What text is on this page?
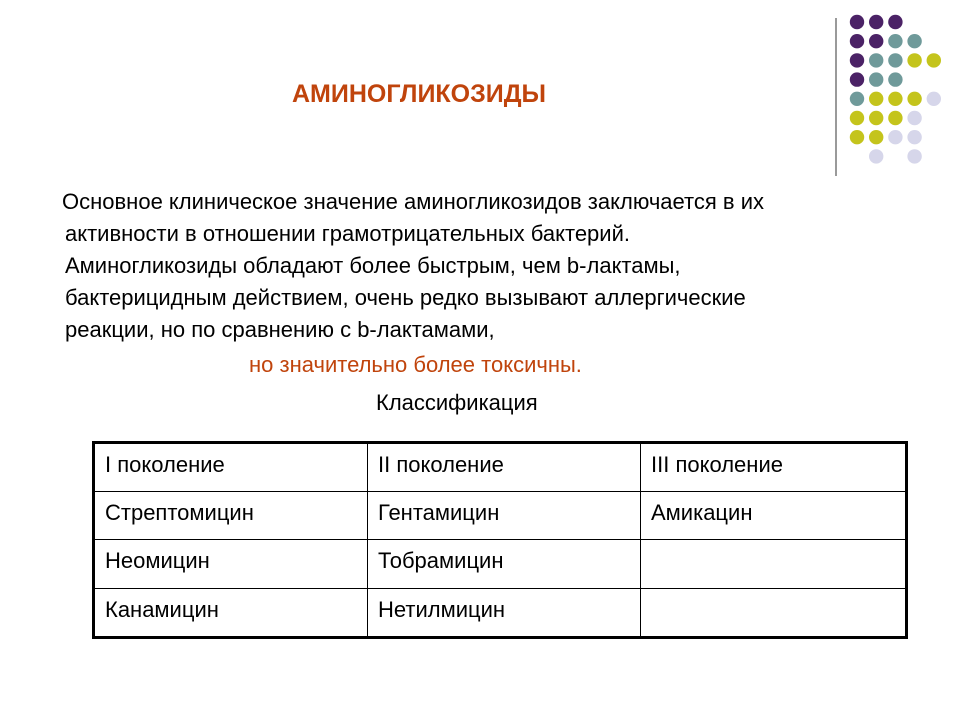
АМИНОГЛИКОЗИДЫ
Основное клиническое значение аминогликозидов заключается в их
активности в отношении грамотрицательных бактерий.
Аминогликозиды обладают более быстрым, чем b-лактамы,
бактерицидным действием, очень редко вызывают аллергические
реакции, но по сравнению с b-лактамами,
но значительно более токсичны.
Классификация
I поколение	II поколение	III поколение
Стрептомицин	Гентамицин	Амикацин
Неомицин	Тобрамицин	
Канамицин	Нетилмицин	
